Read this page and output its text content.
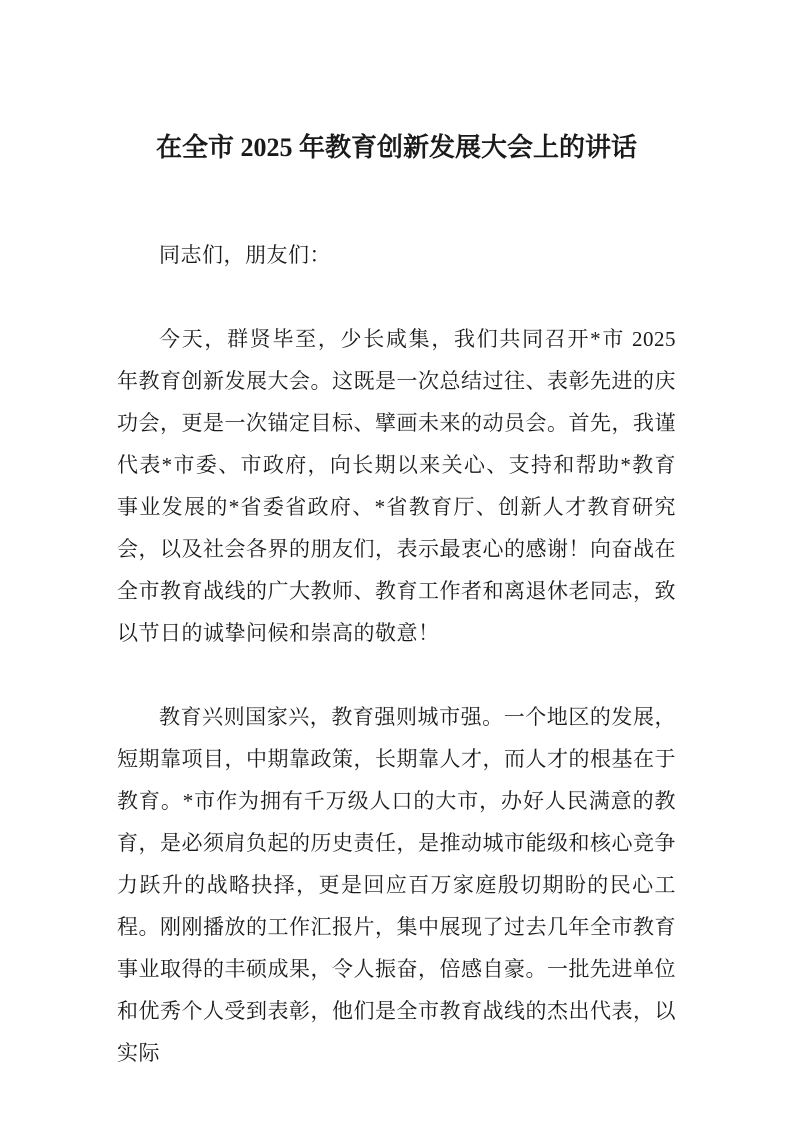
在全市 2025 年教育创新发展大会上的讲话

同志们，朋友们：

今天，群贤毕至，少长咸集，我们共同召开*市 2025 年教育创新发展大会。这既是一次总结过往、表彰先进的庆功会，更是一次锚定目标、擘画未来的动员会。首先，我谨代表*市委、市政府，向长期以来关心、支持和帮助*教育事业发展的*省委省政府、*省教育厅、创新人才教育研究会，以及社会各界的朋友们，表示最衷心的感谢！向奋战在全市教育战线的广大教师、教育工作者和离退休老同志，致以节日的诚挚问候和崇高的敬意！

教育兴则国家兴，教育强则城市强。一个地区的发展，短期靠项目，中期靠政策，长期靠人才，而人才的根基在于教育。*市作为拥有千万级人口的大市，办好人民满意的教育，是必须肩负起的历史责任，是推动城市能级和核心竞争力跃升的战略抉择，更是回应百万家庭殷切期盼的民心工程。刚刚播放的工作汇报片，集中展现了过去几年全市教育事业取得的丰硕成果，令人振奋，倍感自豪。一批先进单位和优秀个人受到表彰，他们是全市教育战线的杰出代表，以实际
